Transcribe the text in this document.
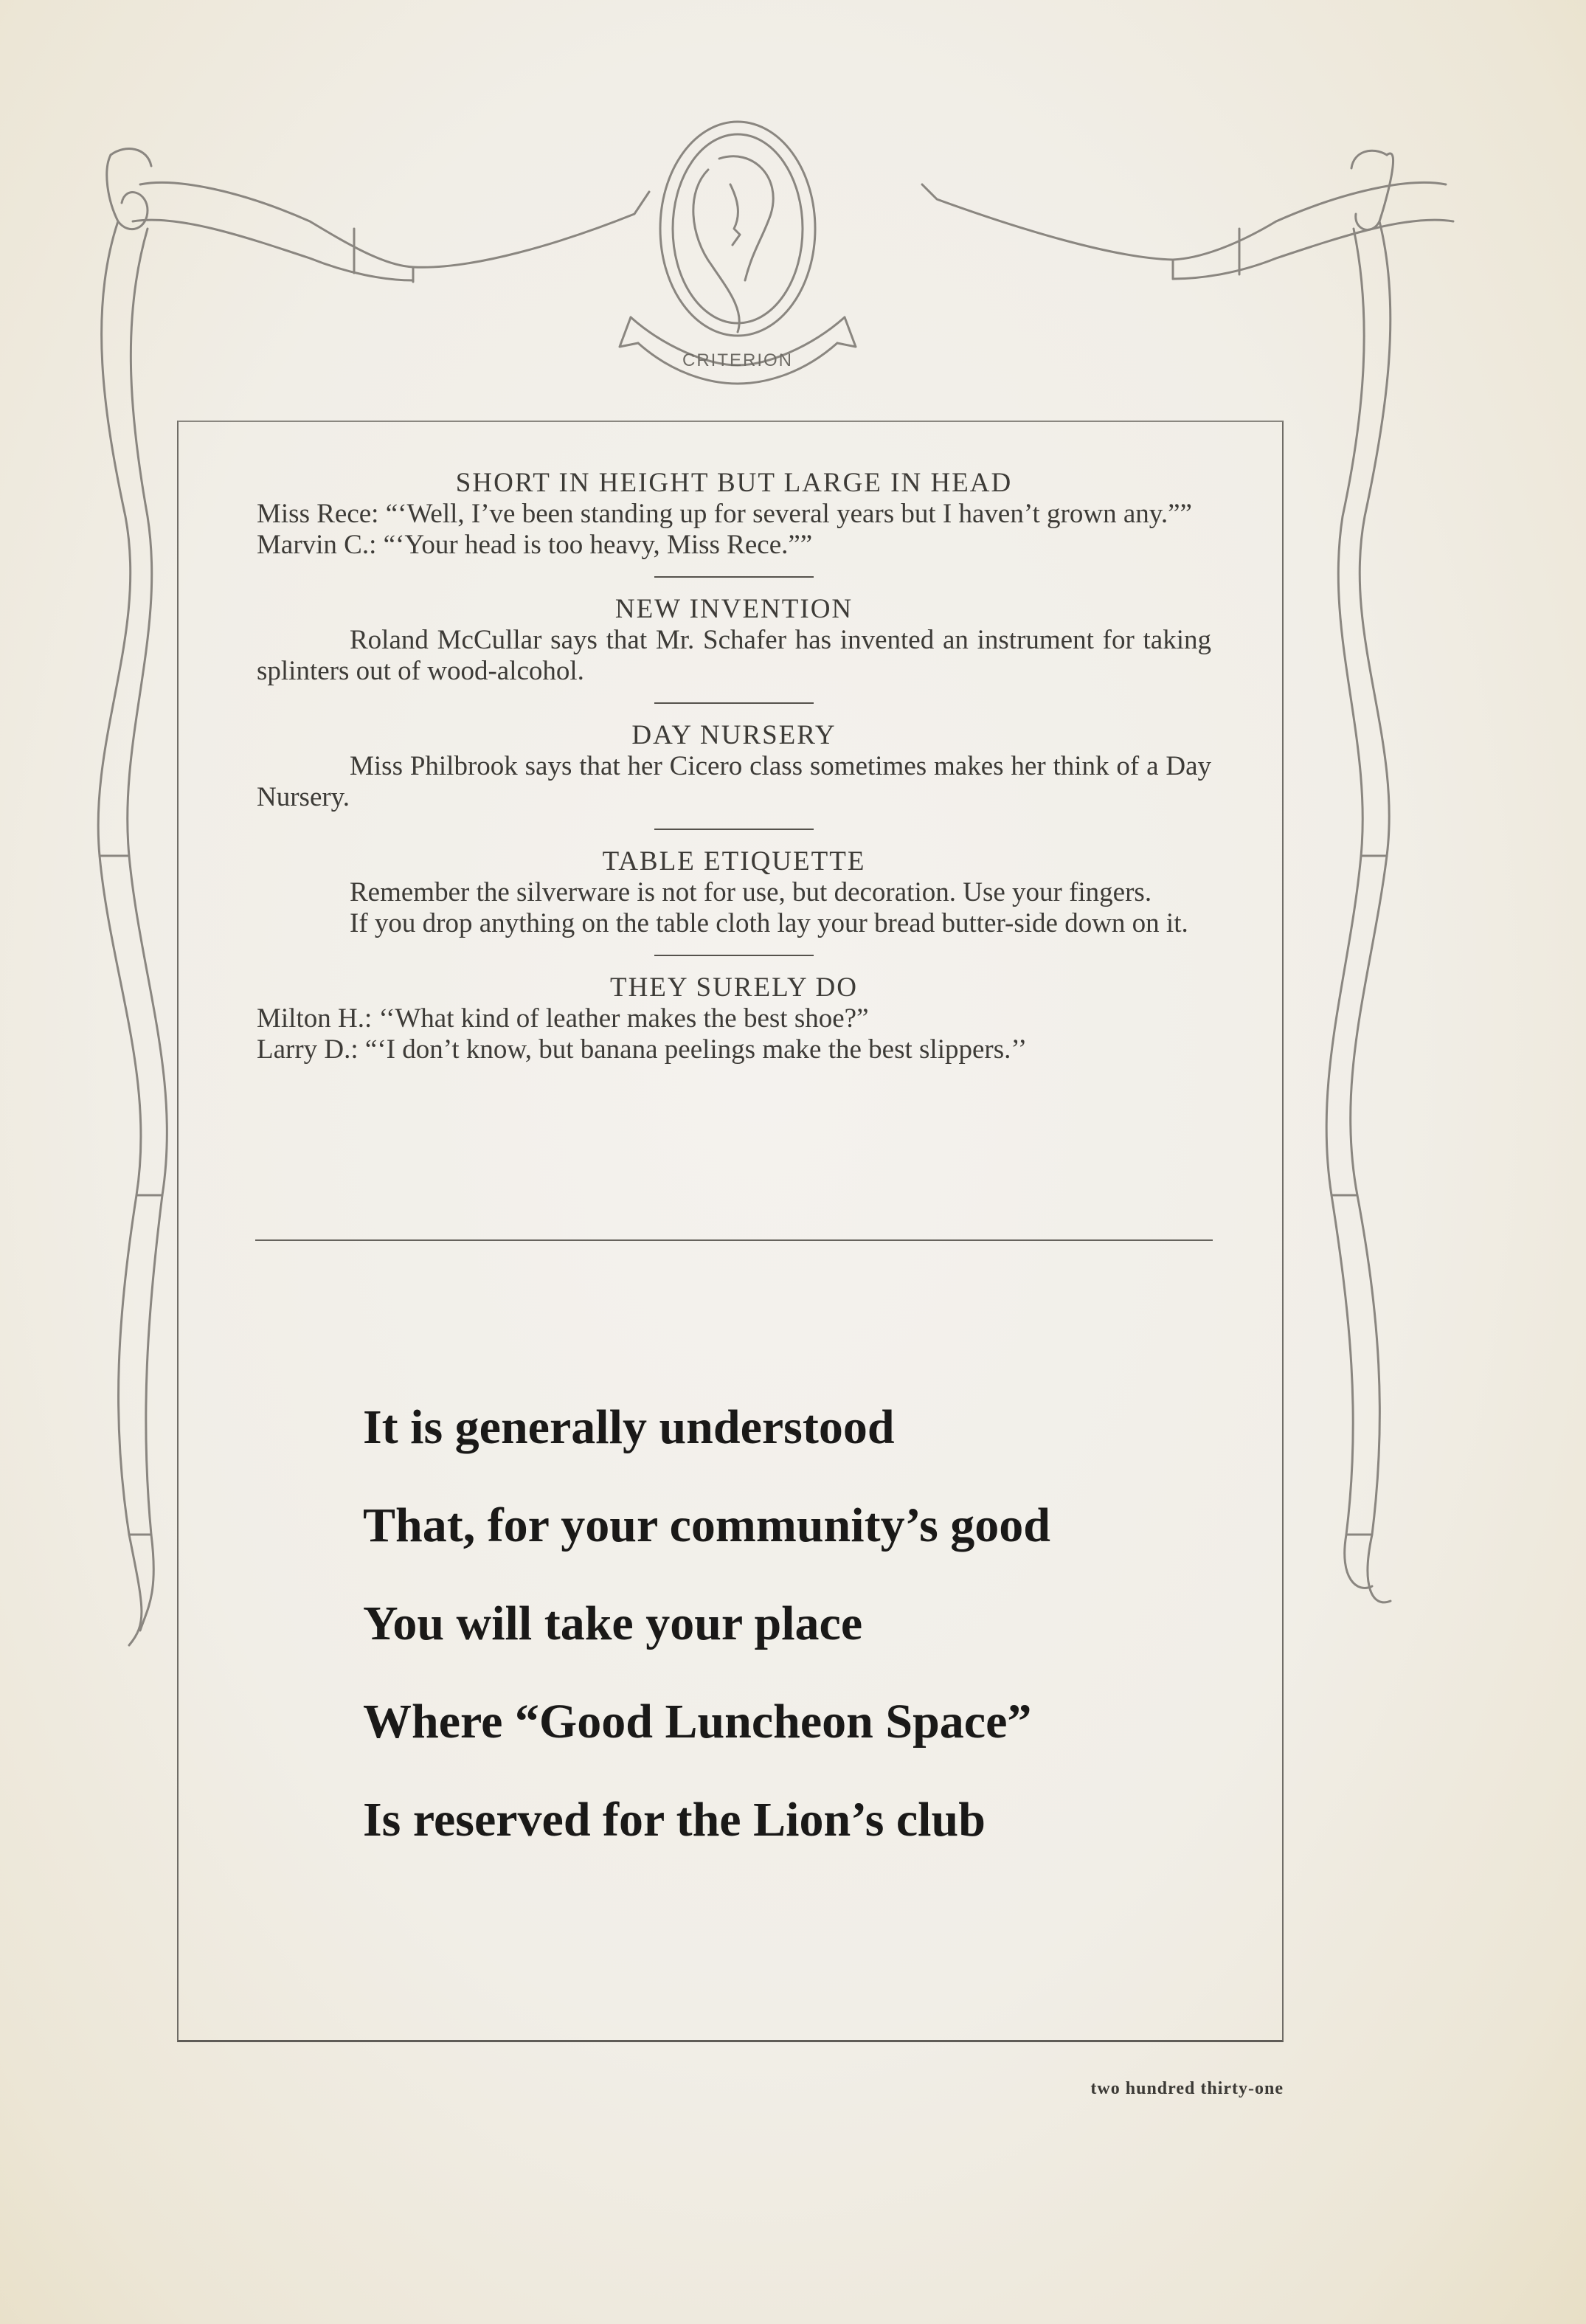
CRITERION

SHORT IN HEIGHT BUT LARGE IN HEAD

Miss Rece: “‘Well, I’ve been standing up for several years but I haven’t grown any.””

Marvin C.: “‘Your head is too heavy, Miss Rece.””

NEW INVENTION

Roland McCullar says that Mr. Schafer has invented an instrument for taking splinters out of wood-alcohol.

DAY NURSERY

Miss Philbrook says that her Cicero class sometimes makes her think of a Day Nursery.

TABLE ETIQUETTE

Remember the silverware is not for use, but decoration. Use your fingers.

If you drop anything on the table cloth lay your bread butter-side down on it.

THEY SURELY DO

Milton H.: ‘‘What kind of leather makes the best shoe?”

Larry D.: “‘I don’t know, but banana peelings make the best slippers.’’

It is generally understood
That, for your community’s good
You will take your place
Where “Good Luncheon Space”
Is reserved for the Lion’s club
two hundred thirty-one
